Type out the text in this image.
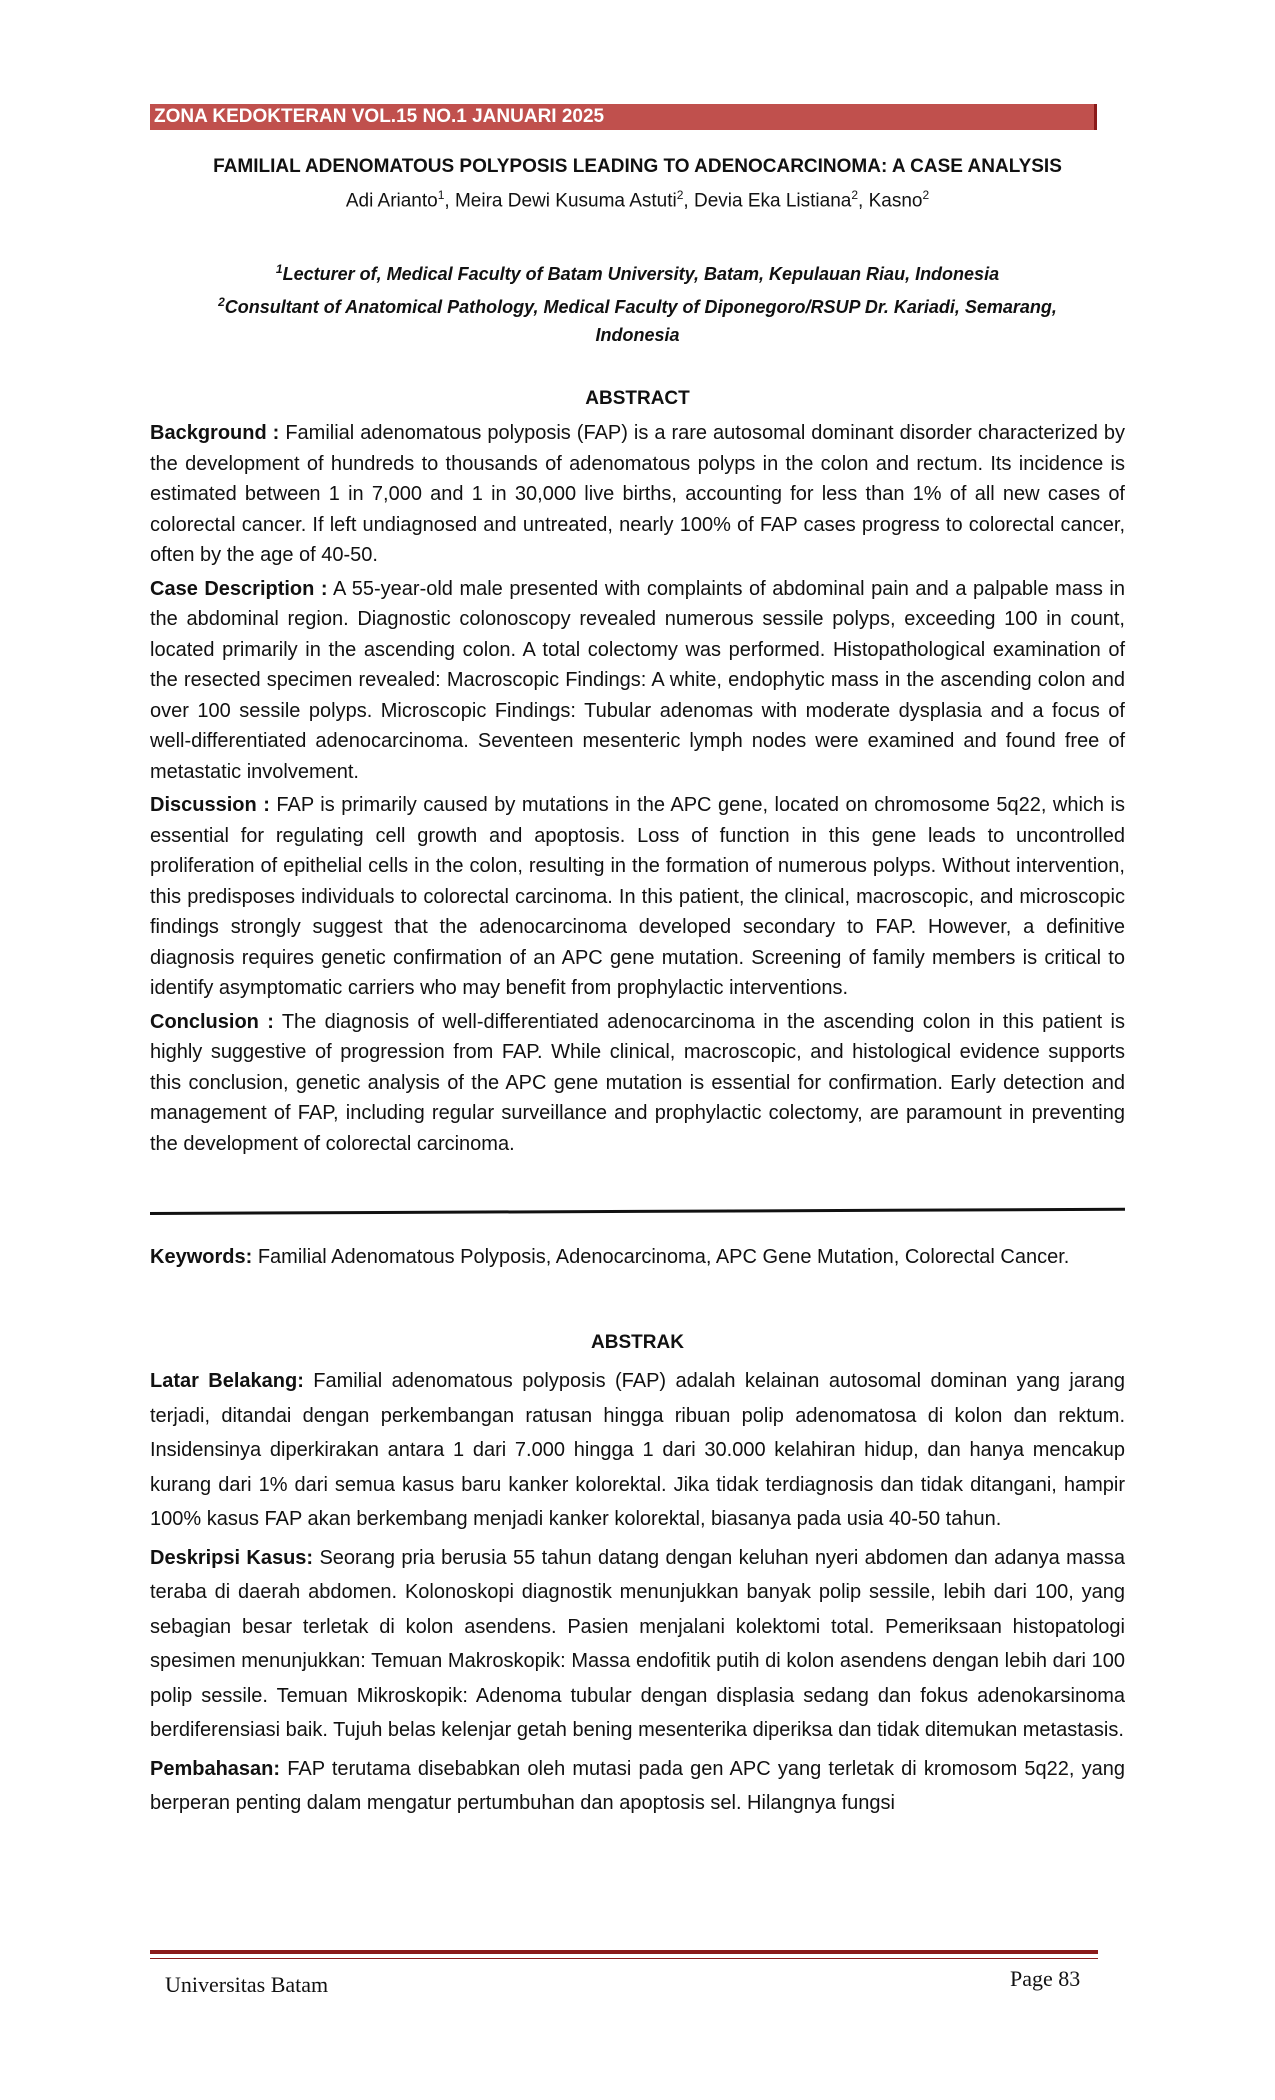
ZONA KEDOKTERAN VOL.15 NO.1 JANUARI 2025
FAMILIAL ADENOMATOUS POLYPOSIS LEADING TO ADENOCARCINOMA: A CASE ANALYSIS
Adi Arianto$^1$, Meira Dewi Kusuma Astuti$^2$, Devia Eka Listiana$^2$, Kasno$^2$
$^1$Lecturer of, Medical Faculty of Batam University, Batam, Kepulauan Riau, Indonesia
$^2$Consultant of Anatomical Pathology, Medical Faculty of Diponegoro/RSUP Dr. Kariadi, Semarang, Indonesia
ABSTRACT

Background : Familial adenomatous polyposis (FAP) is a rare autosomal dominant disorder characterized by the development of hundreds to thousands of adenomatous polyps in the colon and rectum. Its incidence is estimated between 1 in 7,000 and 1 in 30,000 live births, accounting for less than 1% of all new cases of colorectal cancer. If left undiagnosed and untreated, nearly 100% of FAP cases progress to colorectal cancer, often by the age of 40-50.

Case Description : A 55-year-old male presented with complaints of abdominal pain and a palpable mass in the abdominal region. Diagnostic colonoscopy revealed numerous sessile polyps, exceeding 100 in count, located primarily in the ascending colon. A total colectomy was performed. Histopathological examination of the resected specimen revealed: Macroscopic Findings: A white, endophytic mass in the ascending colon and over 100 sessile polyps. Microscopic Findings: Tubular adenomas with moderate dysplasia and a focus of well-differentiated adenocarcinoma. Seventeen mesenteric lymph nodes were examined and found free of metastatic involvement.

Discussion : FAP is primarily caused by mutations in the APC gene, located on chromosome 5q22, which is essential for regulating cell growth and apoptosis. Loss of function in this gene leads to uncontrolled proliferation of epithelial cells in the colon, resulting in the formation of numerous polyps. Without intervention, this predisposes individuals to colorectal carcinoma. In this patient, the clinical, macroscopic, and microscopic findings strongly suggest that the adenocarcinoma developed secondary to FAP. However, a definitive diagnosis requires genetic confirmation of an APC gene mutation. Screening of family members is critical to identify asymptomatic carriers who may benefit from prophylactic interventions.

Conclusion : The diagnosis of well-differentiated adenocarcinoma in the ascending colon in this patient is highly suggestive of progression from FAP. While clinical, macroscopic, and histological evidence supports this conclusion, genetic analysis of the APC gene mutation is essential for confirmation. Early detection and management of FAP, including regular surveillance and prophylactic colectomy, are paramount in preventing the development of colorectal carcinoma.

Keywords: Familial Adenomatous Polyposis, Adenocarcinoma, APC Gene Mutation, Colorectal Cancer.
ABSTRAK

Latar Belakang: Familial adenomatous polyposis (FAP) adalah kelainan autosomal dominan yang jarang terjadi, ditandai dengan perkembangan ratusan hingga ribuan polip adenomatosa di kolon dan rektum. Insidensinya diperkirakan antara 1 dari 7.000 hingga 1 dari 30.000 kelahiran hidup, dan hanya mencakup kurang dari 1% dari semua kasus baru kanker kolorektal. Jika tidak terdiagnosis dan tidak ditangani, hampir 100% kasus FAP akan berkembang menjadi kanker kolorektal, biasanya pada usia 40-50 tahun.

Deskripsi Kasus: Seorang pria berusia 55 tahun datang dengan keluhan nyeri abdomen dan adanya massa teraba di daerah abdomen. Kolonoskopi diagnostik menunjukkan banyak polip sessile, lebih dari 100, yang sebagian besar terletak di kolon asendens. Pasien menjalani kolektomi total. Pemeriksaan histopatologi spesimen menunjukkan: Temuan Makroskopik: Massa endofitik putih di kolon asendens dengan lebih dari 100 polip sessile. Temuan Mikroskopik: Adenoma tubular dengan displasia sedang dan fokus adenokarsinoma berdiferensiasi baik. Tujuh belas kelenjar getah bening mesenterika diperiksa dan tidak ditemukan metastasis.

Pembahasan: FAP terutama disebabkan oleh mutasi pada gen APC yang terletak di kromosom 5q22, yang berperan penting dalam mengatur pertumbuhan dan apoptosis sel. Hilangnya fungsi

Universitas Batam	Page 83
